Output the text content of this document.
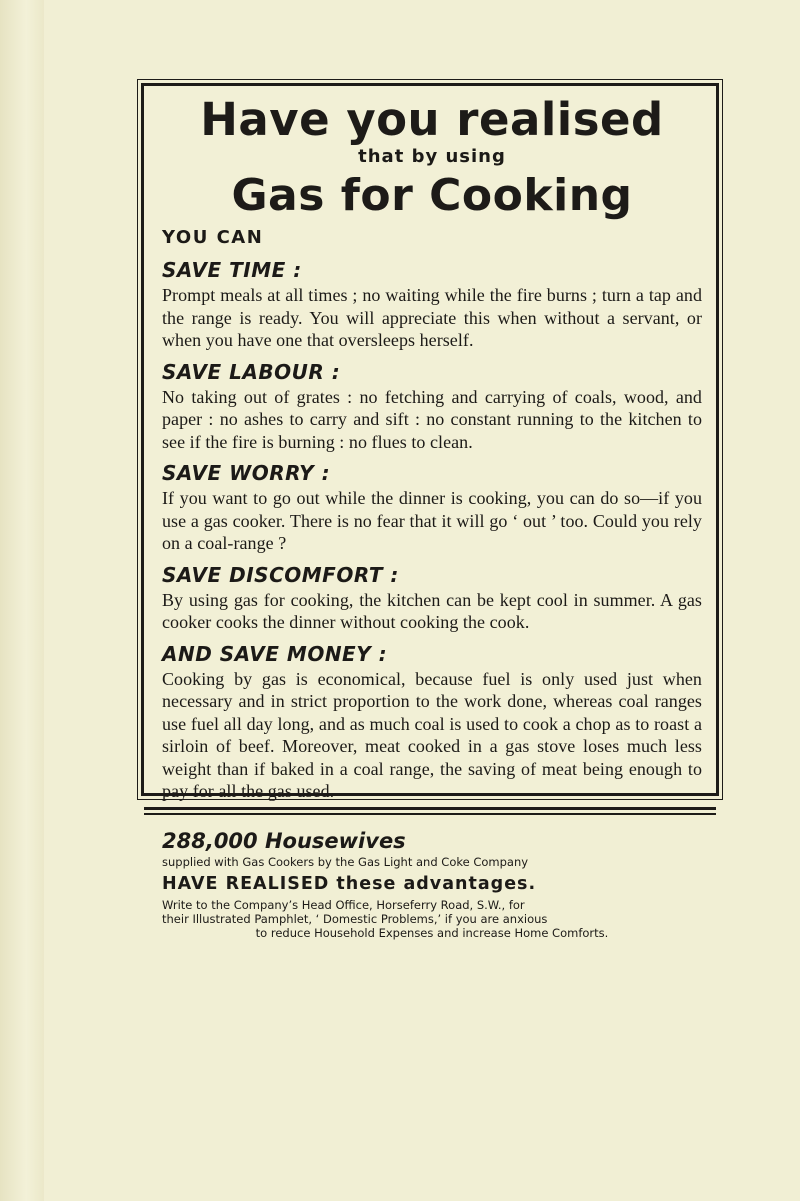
Have you realised

that by using

Gas for Cooking

YOU CAN

SAVE TIME :

Prompt meals at all times ; no waiting while the fire burns ; turn a tap and the range is ready. You will appreciate this when without a servant, or when you have one that oversleeps herself.

SAVE LABOUR :

No taking out of grates : no fetching and carrying of coals, wood, and paper : no ashes to carry and sift : no constant running to the kitchen to see if the fire is burning : no flues to clean.

SAVE WORRY :

If you want to go out while the dinner is cooking, you can do so—if you use a gas cooker. There is no fear that it will go ‘ out ’ too. Could you rely on a coal-range ?

SAVE DISCOMFORT :

By using gas for cooking, the kitchen can be kept cool in summer. A gas cooker cooks the dinner without cooking the cook.

AND SAVE MONEY :

Cooking by gas is economical, because fuel is only used just when necessary and in strict proportion to the work done, whereas coal ranges use fuel all day long, and as much coal is used to cook a chop as to roast a sirloin of beef. Moreover, meat cooked in a gas stove loses much less weight than if baked in a coal range, the saving of meat being enough to pay for all the gas used.

288,000 Housewives

supplied with Gas Cookers by the Gas Light and Coke Company

HAVE REALISED these advantages.

Write to the Company’s Head Office, Horseferry Road, S.W., for

their Illustrated Pamphlet, ‘ Domestic Problems,’ if you are anxious

to reduce Household Expenses and increase Home Comforts.
